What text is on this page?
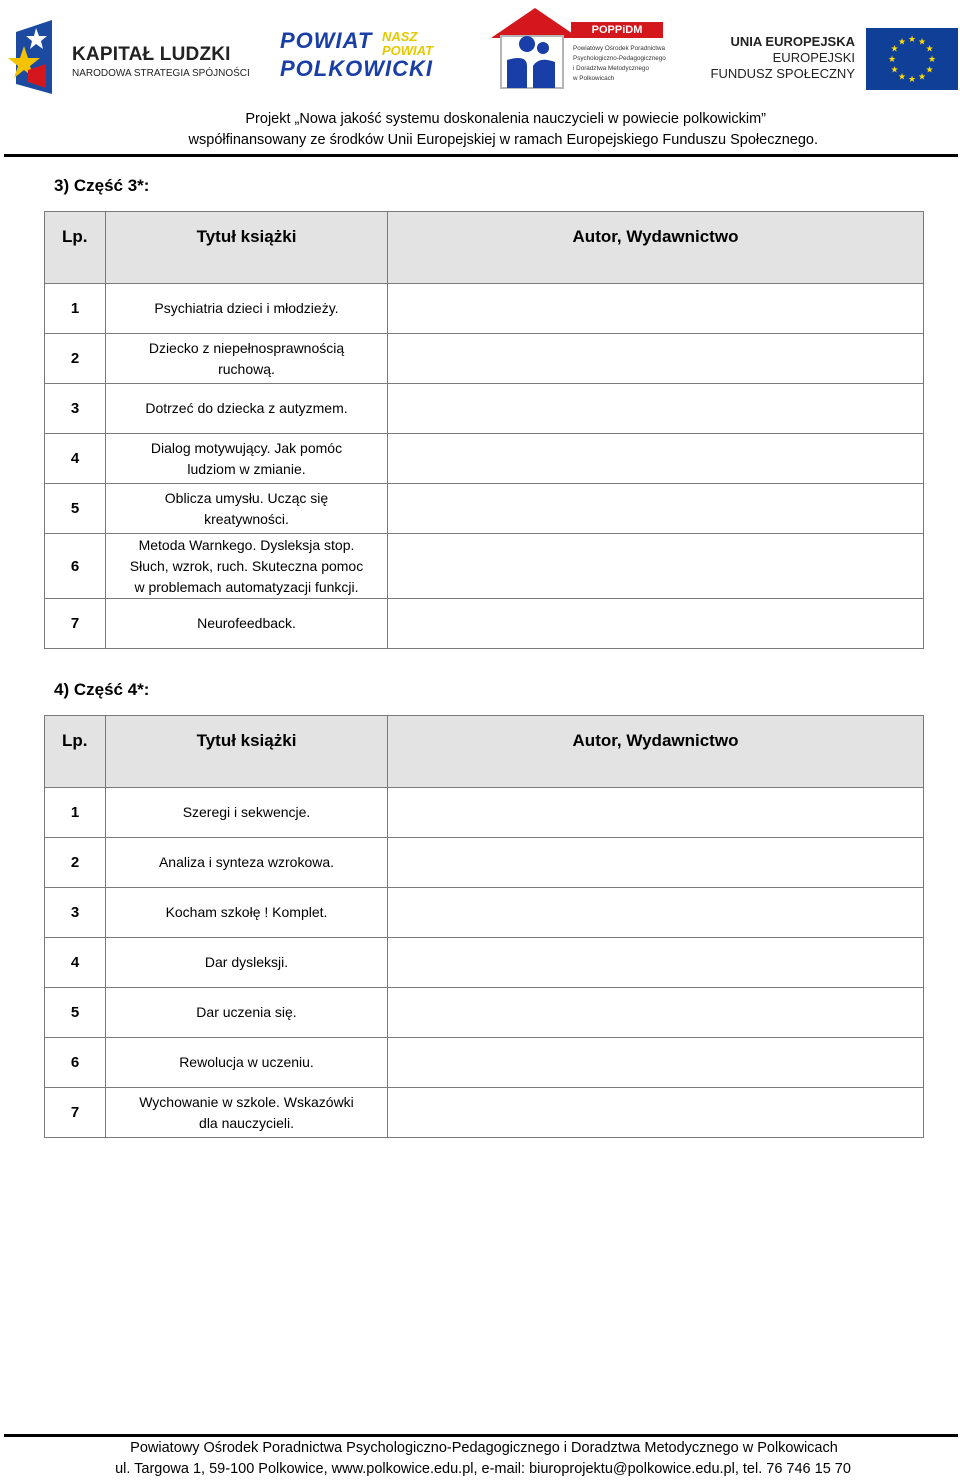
KAPITAŁ LUDZKI
NARODOWA STRATEGIA SPÓJNOŚCI
POWIAT
POLKOWICKI
NASZ
POWIAT
POPPiDM
Powiatowy Ośrodek Poradnictwa
Psychologiczno-Pedagogicznego
i Doradztwa Metodycznego
w Polkowicach
UNIA EUROPEJSKA
EUROPEJSKI
FUNDUSZ SPOŁECZNY
★ ★
★
★
★
★
★
★
★
★
★
★
Projekt „Nowa jakość systemu doskonalenia nauczycieli w powiecie polkowickim”
współfinansowany ze środków Unii Europejskiej w ramach Europejskiego Funduszu Społecznego.
3) Część 3*:
Lp.	Tytuł książki	Autor, Wydawnictwo
1	Psychiatria dzieci i młodzieży.	
2	Dziecko z niepełnosprawnością
ruchową.	
3	Dotrzeć do dziecka z autyzmem.	
4	Dialog motywujący. Jak pomóc
ludziom w zmianie.	
5	Oblicza umysłu. Ucząc się
kreatywności.	
6	Metoda Warnkego. Dysleksja stop.
Słuch, wzrok, ruch. Skuteczna pomoc
w problemach automatyzacji funkcji.	
7	Neurofeedback.	
4) Część 4*:
Lp.	Tytuł książki	Autor, Wydawnictwo
1	Szeregi i sekwencje.	
2	Analiza i synteza wzrokowa.	
3	Kocham szkołę ! Komplet.	
4	Dar dysleksji.	
5	Dar uczenia się.	
6	Rewolucja w uczeniu.	
7	Wychowanie w szkole. Wskazówki
dla nauczycieli.	
Powiatowy Ośrodek Poradnictwa Psychologiczno-Pedagogicznego i Doradztwa Metodycznego w Polkowicach
ul. Targowa 1, 59-100 Polkowice, www.polkowice.edu.pl, e-mail: biuroprojektu@polkowice.edu.pl, tel. 76 746 15 70
